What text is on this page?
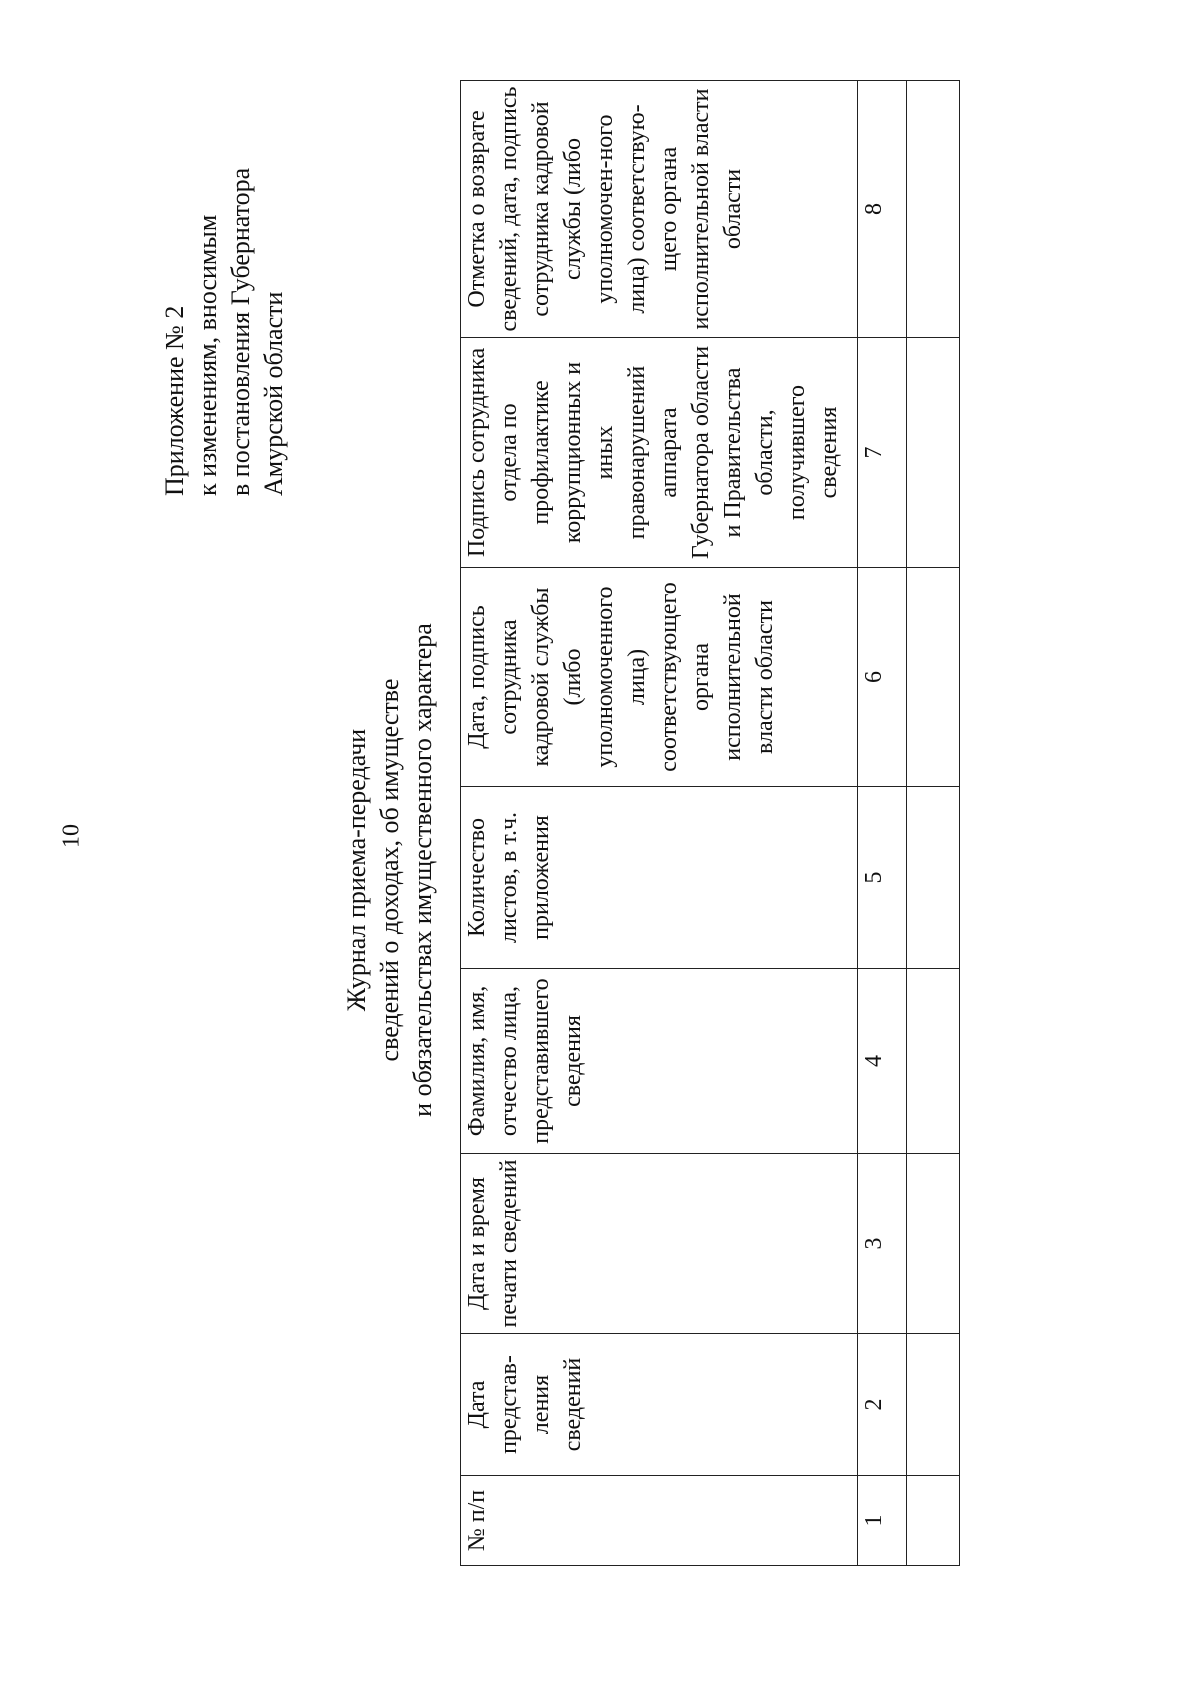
10
Приложение № 2 к изменениям, вносимым в постановления Губернатора Амурской области
Журнал приема-передачи сведений о доходах, об имуществе и обязательствах имущественного характера
№ п/п	Дата представ-ления сведений	Дата и время печати сведений	Фамилия, имя, отчество лица, представившего сведения	Количество листов, в т.ч. приложения	Дата, подпись сотрудника кадровой службы (либо уполномоченного лица) соответствующего органа исполнительной власти области	Подпись сотрудника отдела по профилактике коррупционных и иных правонарушений аппарата Губернатора области и Правительства области, получившего сведения	Отметка о возврате сведений, дата, подпись сотрудника кадровой службы (либо уполномочен-ного лица) соответствую-щего органа исполнительной власти области

1	2	3	4	5	6	7	8
